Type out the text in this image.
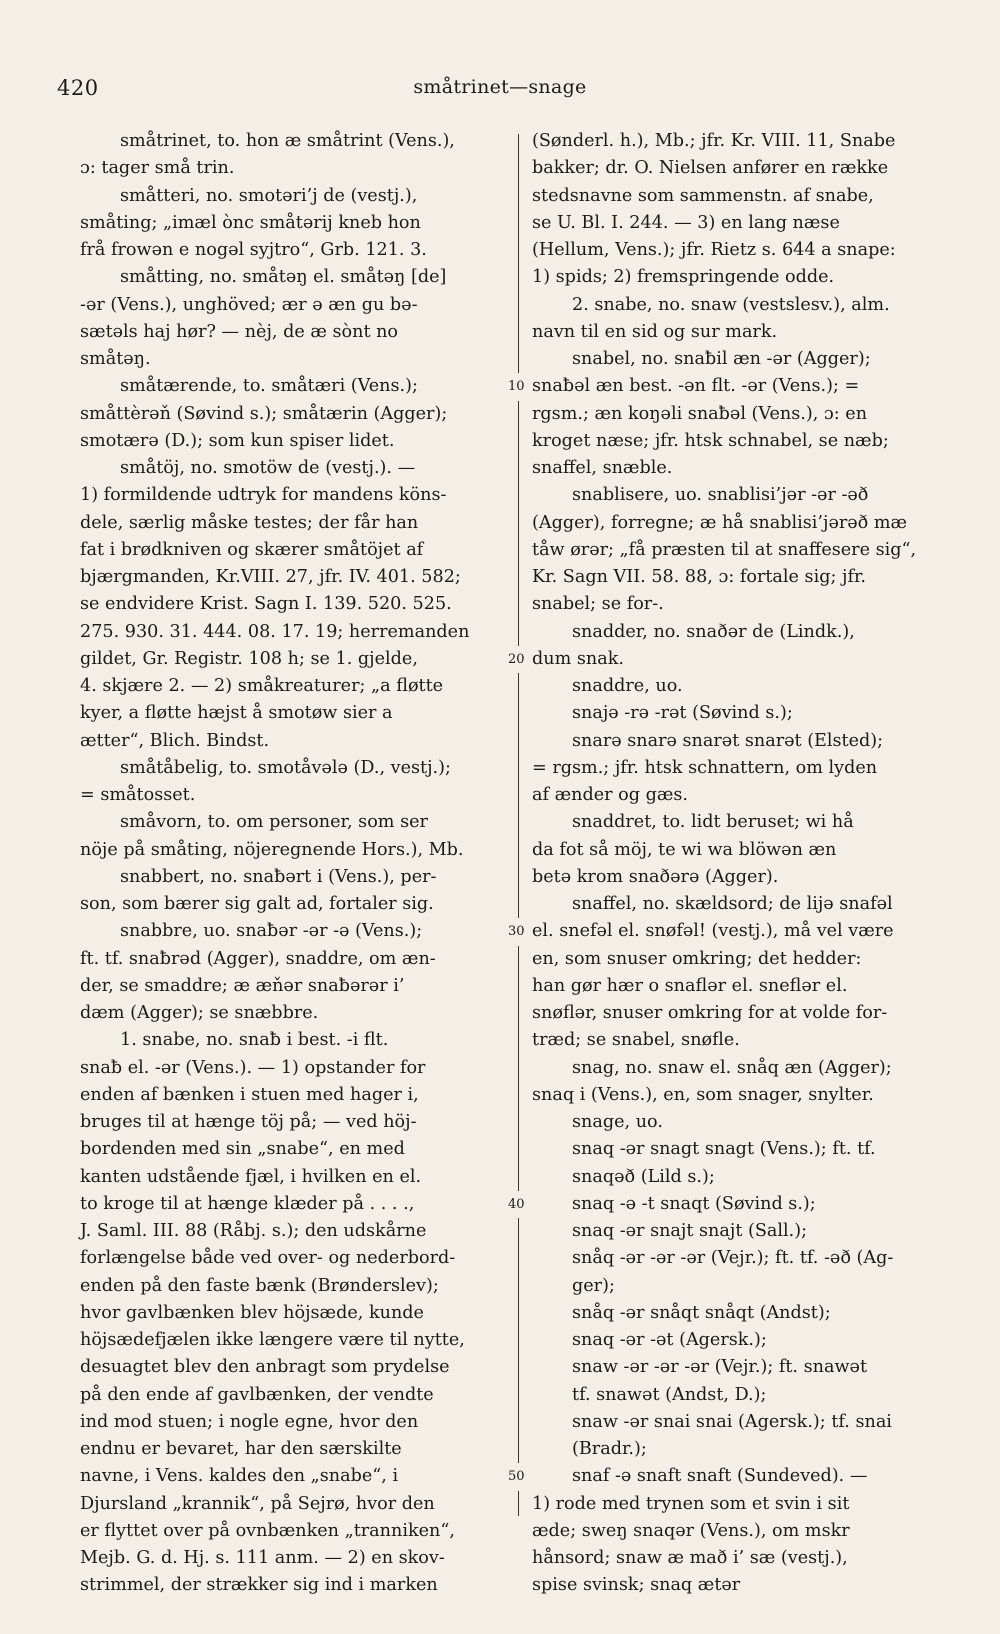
420	småtrinet—snage
småtrinet, to. hon æ småtrint (Vens.),
ɔ: tager små trin.
småtteri, no. smotəri’j de (vestj.),
småting; „imæl ònc småtərij kneb hon
frå frowən e nogəl syjtro“, Grb. 121. 3.
småtting, no. småtəŋ el. småtəŋ [de]
-ər (Vens.), unghöved; ær ə æn gu bə-
sætəls haj hør? — nèj, de æ sònt no
småtəŋ.
småtærende, to. småtæri (Vens.);
småttèrəň (Søvind s.); småtærin (Agger);
smotærə (D.); som kun spiser lidet.
småtöj, no. smotöw de (vestj.). —
1) formildende udtryk for mandens köns-
dele, særlig måske testes; der får han
fat i brødkniven og skærer småtöjet af
bjærgmanden, Kr.VIII. 27, jfr. IV. 401. 582;
se endvidere Krist. Sagn I. 139. 520. 525.
275. 930. 31. 444. 08. 17. 19; herremanden
gildet, Gr. Registr. 108 h; se 1. gjelde,
4. skjære 2. — 2) småkreaturer; „a fløtte
kyer, a fløtte hæjst å smotøw sier a
ætter“, Blich. Bindst.
småtåbelig, to. smotåvələ (D., vestj.);
= småtosset.
småvorn, to. om personer, som ser
nöje på småting, nöjeregnende Hors.), Mb.
snabbert, no. snaƀərt i (Vens.), per-
son, som bærer sig galt ad, fortaler sig.
snabbre, uo. snaƀər -ər -ə (Vens.);
ft. tf. snaƀrəd (Agger), snaddre, om æn-
der, se smaddre; æ æňər snaƀərər i’
dæm (Agger); se snæbbre.
1. snabe, no. snaƀ i best. -i flt.
snaƀ el. -ər (Vens.). — 1) opstander for
enden af bænken i stuen med hager i,
bruges til at hænge töj på; — ved höj-
bordenden med sin „snabe“, en med
kanten udstående fjæl, i hvilken en el.
to kroge til at hænge klæder på . . . .,
J. Saml. III. 88 (Råbj. s.); den udskårne
forlængelse både ved over- og nederbord-
enden på den faste bænk (Brønderslev);
hvor gavlbænken blev höjsæde, kunde
höjsædefjælen ikke længere være til nytte,
desuagtet blev den anbragt som prydelse
på den ende af gavlbænken, der vendte
ind mod stuen; i nogle egne, hvor den
endnu er bevaret, har den særskilte
navne, i Vens. kaldes den „snabe“, i
Djursland „krannik“, på Sejrø, hvor den
er flyttet over på ovnbænken „tranniken“,
Mejb. G. d. Hj. s. 111 anm. — 2) en skov-
strimmel, der strækker sig ind i marken
(Sønderl. h.), Mb.; jfr. Kr. VIII. 11, Snabe
bakker; dr. O. Nielsen anfører en række
stedsnavne som sammenstn. af snabe,
se U. Bl. I. 244. — 3) en lang næse
(Hellum, Vens.); jfr. Rietz s. 644 a snape:
1) spids; 2) fremspringende odde.
2. snabe, no. snaw (vestslesv.), alm.
navn til en sid og sur mark.
snabel, no. snaƀil æn -ər (Agger);
snaƀəl æn best. -ən flt. -ər (Vens.); =
rgsm.; æn koŋəli snaƀəl (Vens.), ɔ: en
kroget næse; jfr. htsk schnabel, se næb;
snaffel, snæble.
snablisere, uo. snablisi’jər -ər -əð
(Agger), forregne; æ hå snablisi’jərəð mæ
tåw ørər; „få præsten til at snaffesere sig“,
Kr. Sagn VII. 58. 88, ɔ: fortale sig; jfr.
snabel; se for-.
snadder, no. snaðər de (Lindk.),
dum snak.
snaddre, uo.
snajə -rə -rət (Søvind s.);
snarə snarə snarət snarət (Elsted);
= rgsm.; jfr. htsk schnattern, om lyden
af ænder og gæs.
snaddret, to. lidt beruset; wi hå
da fot så möj, te wi wa blöwən æn
betə krom snaðərə (Agger).
snaffel, no. skældsord; de lijə snafəl
el. snefəl el. snøfəl! (vestj.), må vel være
en, som snuser omkring; det hedder:
han gør hær o snaflər el. sneflər el.
snøflər, snuser omkring for at volde for-
træd; se snabel, snøfle.
snag, no. snaw el. snåq æn (Agger);
snaq i (Vens.), en, som snager, snylter.
snage, uo.
snaq -ər snagt snagt (Vens.); ft. tf.
snaqəð (Lild s.);
snaq -ə -t snaqt (Søvind s.);
snaq -ər snajt snajt (Sall.);
snåq -ər -ər -ər (Vejr.); ft. tf. -əð (Ag-
ger);
snåq -ər snåqt snåqt (Andst);
snaq -ər -ət (Agersk.);
snaw -ər -ər -ər (Vejr.); ft. snawət
tf. snawət (Andst, D.);
snaw -ər snai snai (Agersk.); tf. snai
(Bradr.);
snaf -ə snaft snaft (Sundeved). —
1) rode med trynen som et svin i sit
æde; sweŋ snaqər (Vens.), om mskr
hånsord; snaw æ mað i’ sæ (vestj.),
spise svinsk; snaq ætər
10
20
30
40
50
